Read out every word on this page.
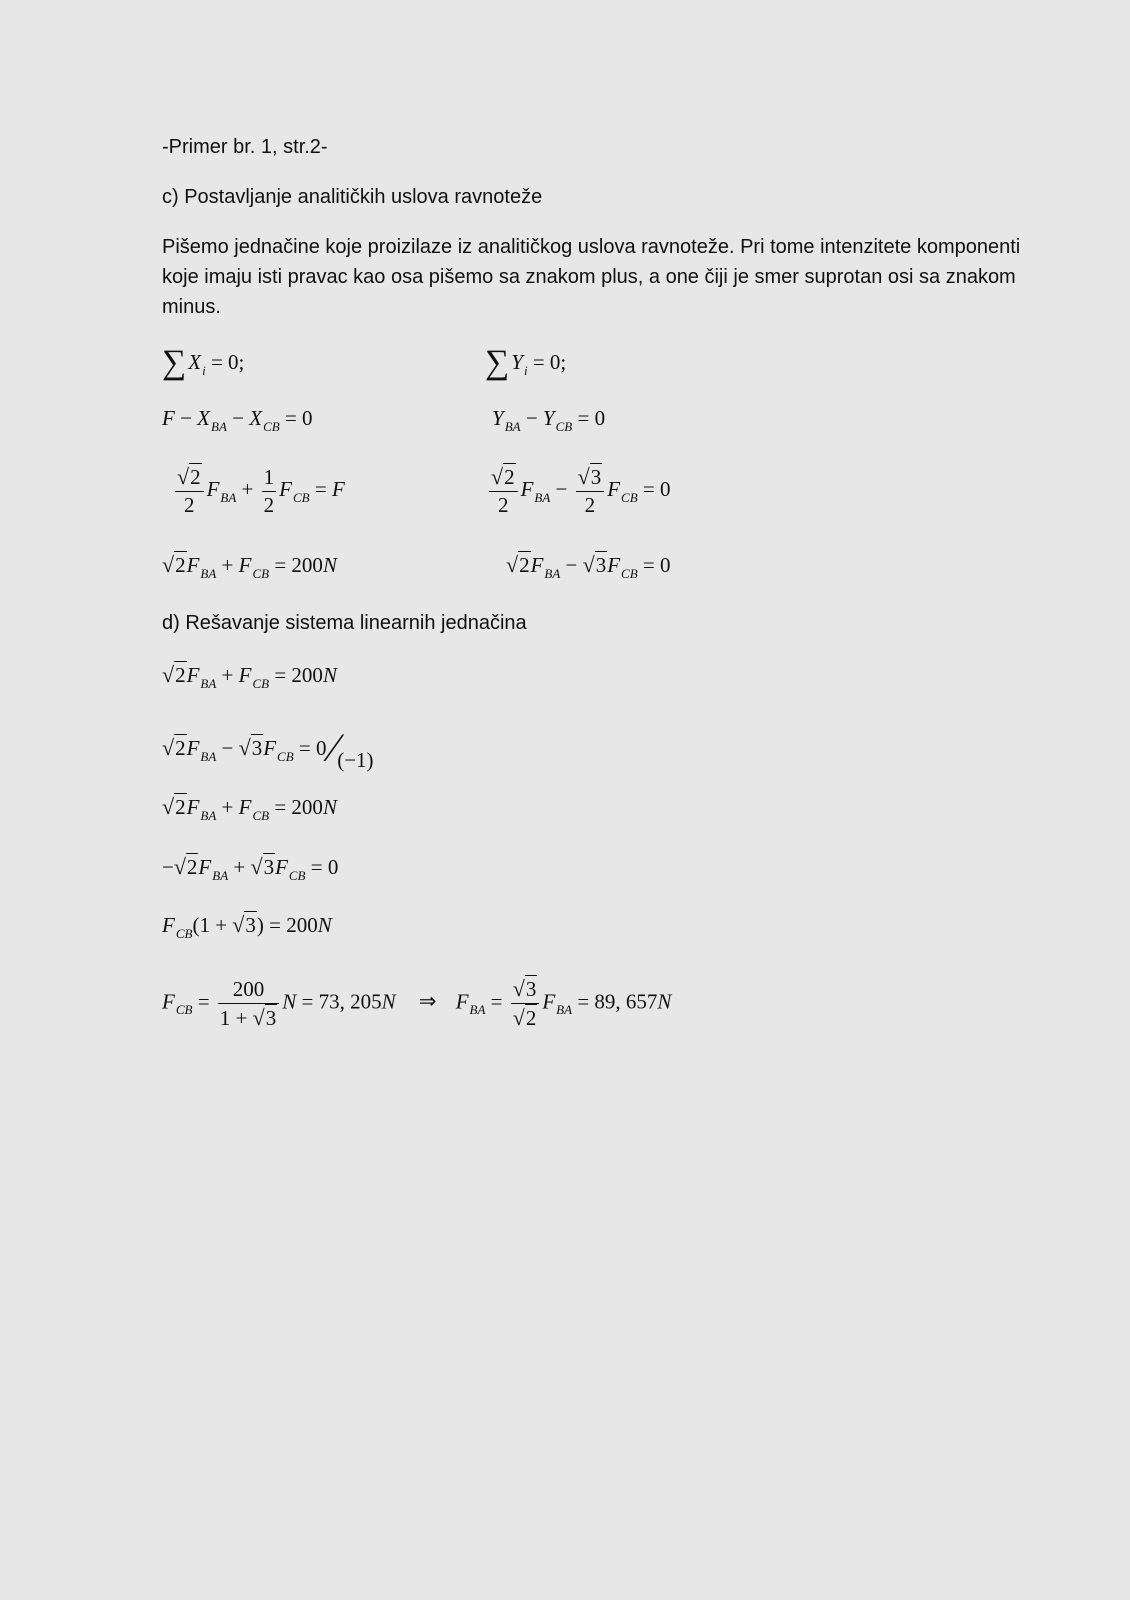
-Primer br. 1, str.2-
c) Postavljanje analitičkih uslova ravnoteže
Pišemo jednačine koje proizilaze iz analitičkog uslova ravnoteže. Pri tome intenzitete komponenti koje imaju isti pravac kao osa pišemo sa znakom plus, a one čiji je smer suprotan osi sa znakom minus.
$\sum X_i = 0$;	$\sum Y_i = 0$;
$F - X_{BA} - X_{CB} = 0$	$Y_{BA} - Y_{CB} = 0$
$\frac{√2}{2} F_{BA} + \frac{1}{2} F_{CB} = F$	$\frac{√2}{2} F_{BA} - \frac{√3}{2} F_{CB} = 0$
$√2F_{BA} + F_{CB} = 200N$	$√2F_{BA} - √3F_{CB} = 0$
d) Rešavanje sistema linearnih jednačina
$√2F_{BA} + F_{CB} = 200N$
$√2F_{BA} - √3F_{CB} = 0$ ⁄(−1)
$√2F_{BA} + F_{CB} = 200N$
$-√2F_{BA} + √3F_{CB} = 0$
$F_{CB}(1 + √3) = 200N$
$F_{CB} = \frac{200}{1 + √3}$ N = 73, 205N ⇒ $F_{BA} = \frac{√3}{√2} F_{BA} = 89$, 657N
